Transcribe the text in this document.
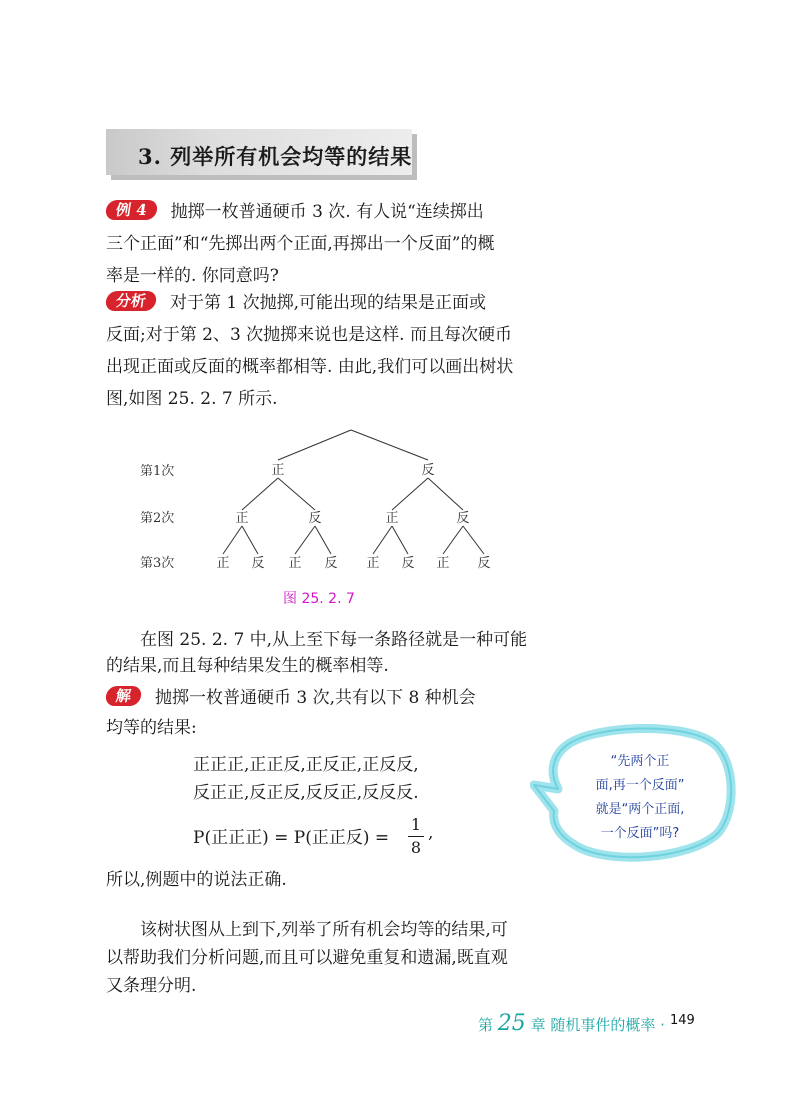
3. 列举所有机会均等的结果
例 4 抛掷一枚普通硬币 3 次. 有人说“连续掷出
三个正面”和“先掷出两个正面,再掷出一个反面”的概
率是一样的. 你同意吗?
分析 对于第 1 次抛掷,可能出现的结果是正面或
反面;对于第 2、3 次抛掷来说也是这样. 而且每次硬币
出现正面或反面的概率都相等. 由此,我们可以画出树状
图,如图 25. 2. 7 所示.
第1次
第2次
第3次
正	反
正	反	正	反
正 反 正 反 正 反 正 反
图 25. 2. 7
在图 25. 2. 7 中,从上至下每一条路径就是一种可能
的结果,而且每种结果发生的概率相等.
解 抛掷一枚普通硬币 3 次,共有以下 8 种机会
均等的结果:
正正正,正正反,正反正,正反反,
反正正,反正反,反反正,反反反.
P(正正正) = P(正正反) =
1
8
,
所以,例题中的说法正确.
该树状图从上到下,列举了所有机会均等的结果,可
以帮助我们分析问题,而且可以避免重复和遗漏,既直观
又条理分明.
“先两个正
面,再一个反面”
就是“两个正面,
一个反面”吗?
第 25 章 随机事件的概率 · 149
